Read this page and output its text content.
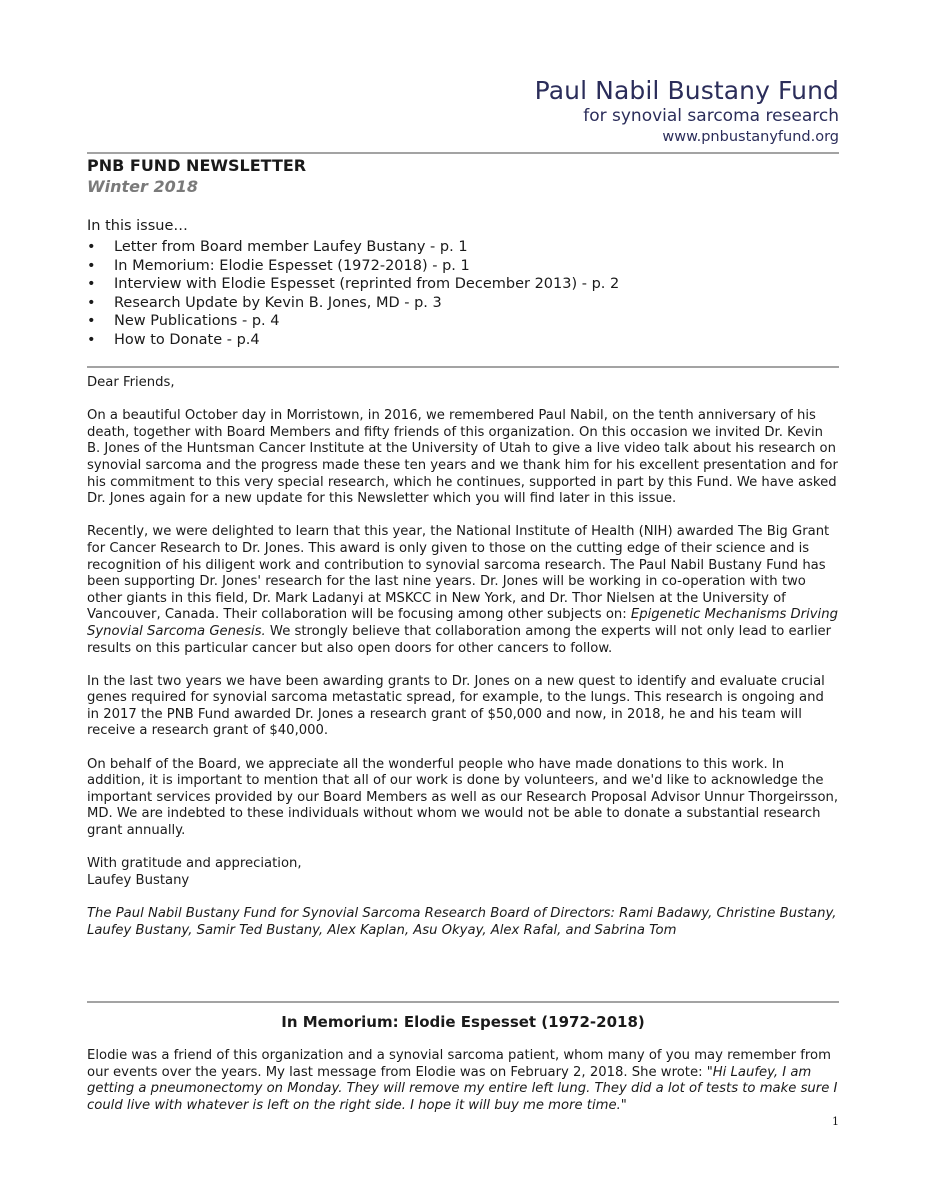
Paul Nabil Bustany Fund
for synovial sarcoma research
www.pnbustanyfund.org
PNB FUND NEWSLETTER
Winter 2018
In this issue…
• Letter from Board member Laufey Bustany - p. 1
• In Memorium: Elodie Espesset (1972-2018) - p. 1
• Interview with Elodie Espesset (reprinted from December 2013) - p. 2
• Research Update by Kevin B. Jones, MD - p. 3
• New Publications - p. 4
• How to Donate - p.4

Dear Friends,

On a beautiful October day in Morristown, in 2016, we remembered Paul Nabil, on the tenth anniversary of his death, together with Board Members and fifty friends of this organization. On this occasion we invited Dr. Kevin B. Jones of the Huntsman Cancer Institute at the University of Utah to give a live video talk about his research on synovial sarcoma and the progress made these ten years and we thank him for his excellent presentation and for his commitment to this very special research, which he continues, supported in part by this Fund. We have asked Dr. Jones again for a new update for this Newsletter which you will find later in this issue.

Recently, we were delighted to learn that this year, the National Institute of Health (NIH) awarded The Big Grant for Cancer Research to Dr. Jones. This award is only given to those on the cutting edge of their science and is recognition of his diligent work and contribution to synovial sarcoma research. The Paul Nabil Bustany Fund has been supporting Dr. Jones' research for the last nine years. Dr. Jones will be working in co-operation with two other giants in this field, Dr. Mark Ladanyi at MSKCC in New York, and Dr. Thor Nielsen at the University of Vancouver, Canada. Their collaboration will be focusing among other subjects on: Epigenetic Mechanisms Driving Synovial Sarcoma Genesis. We strongly believe that collaboration among the experts will not only lead to earlier results on this particular cancer but also open doors for other cancers to follow.

In the last two years we have been awarding grants to Dr. Jones on a new quest to identify and evaluate crucial genes required for synovial sarcoma metastatic spread, for example, to the lungs. This research is ongoing and in 2017 the PNB Fund awarded Dr. Jones a research grant of $50,000 and now, in 2018, he and his team will receive a research grant of $40,000.

On behalf of the Board, we appreciate all the wonderful people who have made donations to this work. In addition, it is important to mention that all of our work is done by volunteers, and we'd like to acknowledge the important services provided by our Board Members as well as our Research Proposal Advisor Unnur Thorgeirsson, MD. We are indebted to these individuals without whom we would not be able to donate a substantial research grant annually.

With gratitude and appreciation,

Laufey Bustany

The Paul Nabil Bustany Fund for Synovial Sarcoma Research Board of Directors: Rami Badawy, Christine Bustany, Laufey Bustany, Samir Ted Bustany, Alex Kaplan, Asu Okyay, Alex Rafal, and Sabrina Tom

In Memorium: Elodie Espesset (1972-2018)

Elodie was a friend of this organization and a synovial sarcoma patient, whom many of you may remember from our events over the years. My last message from Elodie was on February 2, 2018. She wrote: "Hi Laufey, I am getting a pneumonectomy on Monday. They will remove my entire left lung. They did a lot of tests to make sure I could live with whatever is left on the right side. I hope it will buy me more time."

1
